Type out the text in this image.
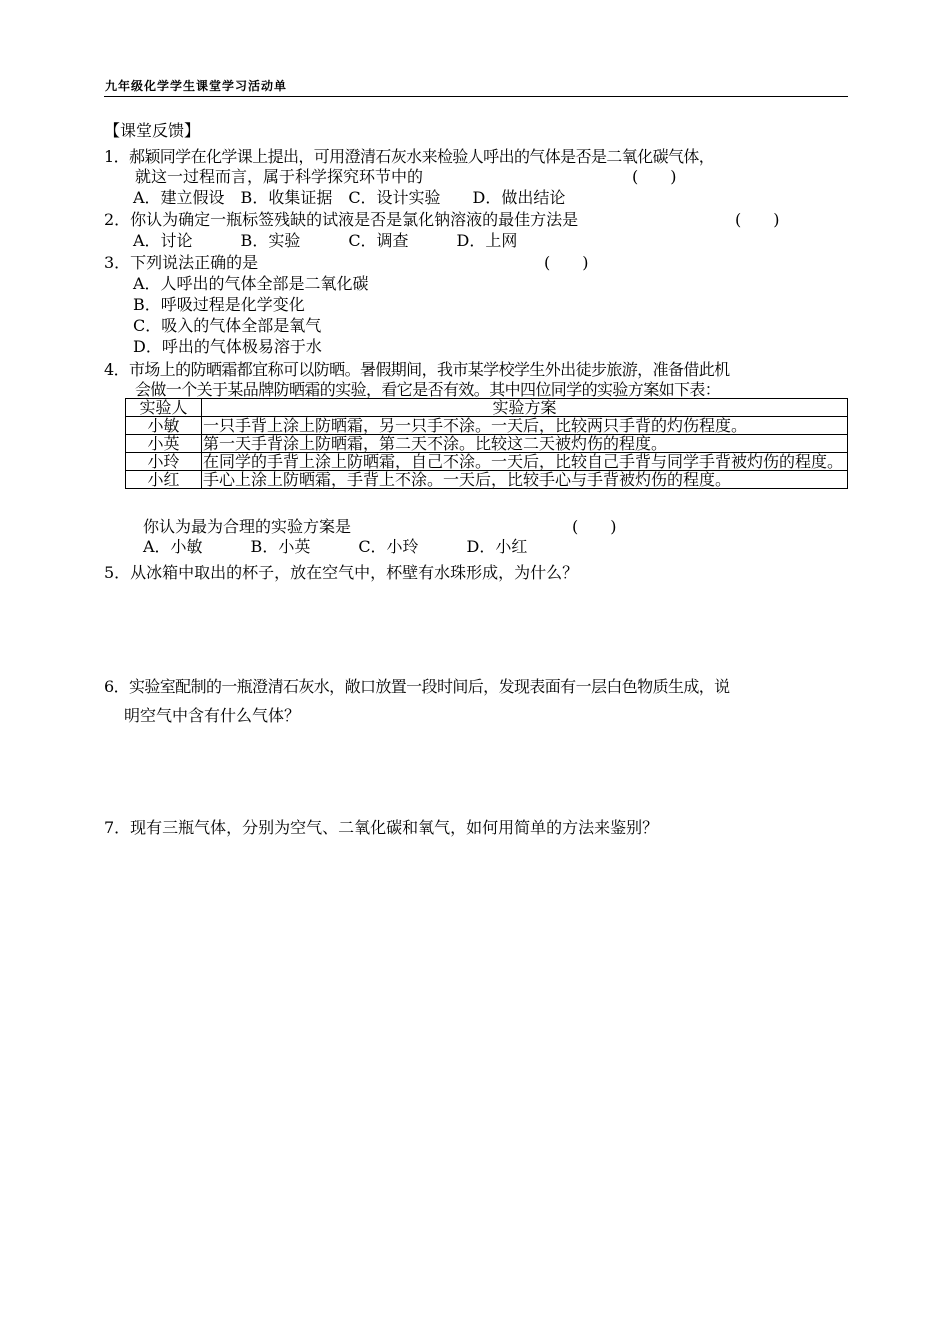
九年级化学学生课堂学习活动单
【课堂反馈】
1．郝颖同学在化学课上提出，可用澄清石灰水来检验人呼出的气体是否是二氧化碳气体，
就这一过程而言，属于科学探究环节中的	(　　)
A．建立假设　B．收集证据　C．设计实验　　D．做出结论
2．你认为确定一瓶标签残缺的试液是否是氯化钠溶液的最佳方法是	(　　)
A．讨论　　　B．实验　　　C．调查　　　D．上网
3．下列说法正确的是	(　　)
A．人呼出的气体全部是二氧化碳
B．呼吸过程是化学变化
C．吸入的气体全部是氧气
D．呼出的气体极易溶于水
4．市场上的防晒霜都宜称可以防晒。暑假期间，我市某学校学生外出徒步旅游，准备借此机
会做一个关于某品牌防晒霜的实验，看它是否有效。其中四位同学的实验方案如下表：
实验人	实验方案
小敏	一只手背上涂上防晒霜，另一只手不涂。一天后，比较两只手背的灼伤程度。
小英	第一天手背涂上防晒霜，第二天不涂。比较这二天被灼伤的程度。
小玲	在同学的手背上涂上防晒霜，自己不涂。一天后，比较自己手背与同学手背被灼伤的程度。
小红	手心上涂上防晒霜，手背上不涂。一天后，比较手心与手背被灼伤的程度。
你认为最为合理的实验方案是	(　　)
A．小敏　　　B．小英　　　C．小玲　　　D．小红
5．从冰箱中取出的杯子，放在空气中，杯壁有水珠形成，为什么？
6．实验室配制的一瓶澄清石灰水，敞口放置一段时间后，发现表面有一层白色物质生成，说
明空气中含有什么气体？
7．现有三瓶气体，分别为空气、二氧化碳和氧气，如何用简单的方法来鉴别？
